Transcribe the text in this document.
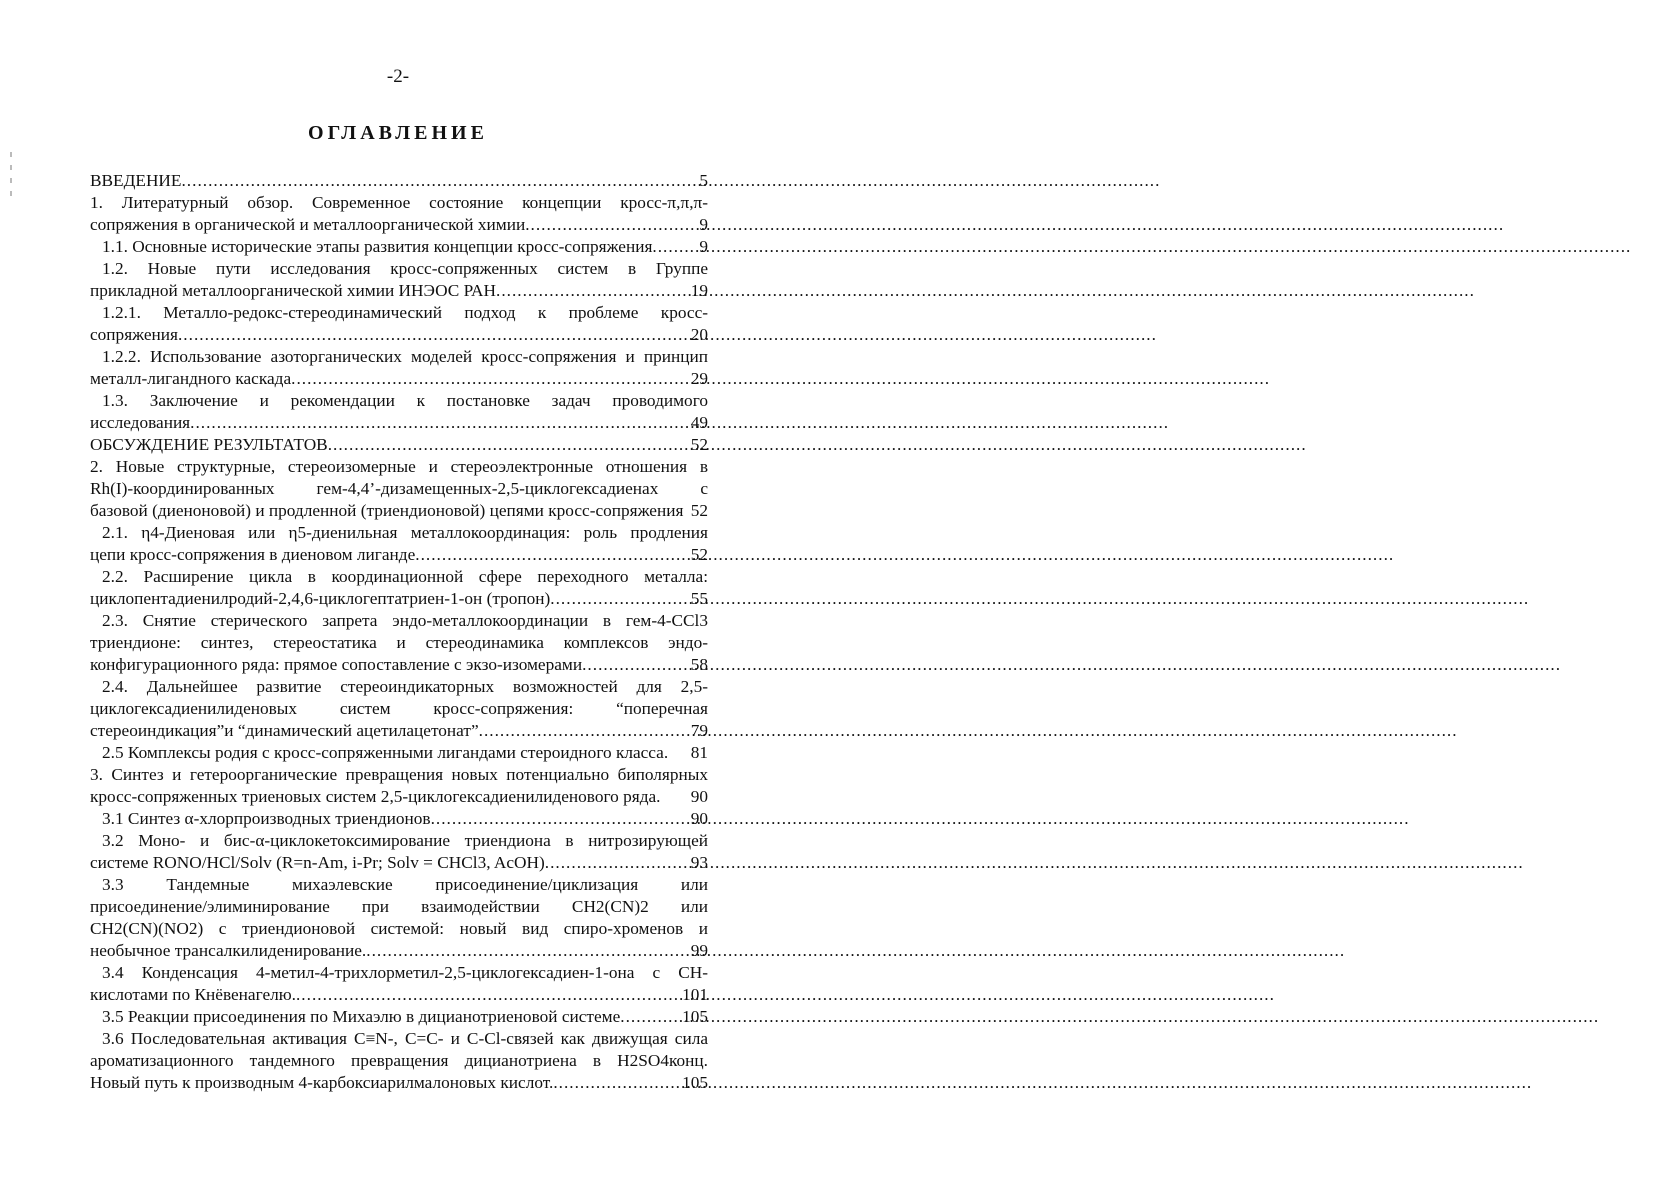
-2-
ОГЛАВЛЕНИЕ
ВВЕДЕНИЕ .....	5
1. Литературный обзор. Современное состояние концепции кросс-π,π,π-
сопряжения в органической и металлоорганической химии .....	9
1.1. Основные исторические этапы развития концепции кросс-сопряжения .....	9
1.2. Новые пути исследования кросс-сопряженных систем в Группе
прикладной металлоорганической химии ИНЭОС РАН .....	19
1.2.1. Металло-редокс-стереодинамический подход к проблеме кросс-
сопряжения .....	20
1.2.2. Использование азоторганических моделей кросс-сопряжения и принцип
металл-лигандного каскада .....	29
1.3. Заключение и рекомендации к постановке задач проводимого
исследования .....	49
ОБСУЖДЕНИЕ РЕЗУЛЬТАТОВ .....	52
2. Новые структурные, стереоизомерные и стереоэлектронные отношения в
Rh(I)-координированных гем-4,4’-дизамещенных-2,5-циклогексадиенах с
базовой (диеноновой) и продленной (триендионовой) цепями кросс-сопряжения 52
2.1. η4-Диеновая или η5-диенильная металлокоординация: роль продления
цепи кросс-сопряжения в диеновом лиганде .....	52
2.2. Расширение цикла в координационной сфере переходного металла:
циклопентадиенилродий-2,4,6-циклогептатриен-1-он (тропон) .....	55
2.3. Снятие стерического запрета эндо-металлокоординации в гем-4-CCl3
триендионе: синтез, стереостатика и стереодинамика комплексов эндо-
конфигурационного ряда: прямое сопоставление с экзо-изомерами .....	58
2.4. Дальнейшее развитие стереоиндикаторных возможностей для 2,5-
циклогексадиенилиденовых систем кросс-сопряжения: “поперечная
стереоиндикация”и “динамический ацетилацетонат” .....	79
2.5 Комплексы родия с кросс-сопряженными лигандами стероидного класса. 81
3. Синтез и гетероорганические превращения новых потенциально биполярных
кросс-сопряженных триеновых систем 2,5-циклогексадиенилиденового ряда. 90
3.1 Синтез α-хлорпроизводных триендионов .....	90
3.2 Моно- и бис-α-циклокетоксимирование триендиона в нитрозирующей
системе RONO/HCl/Solv (R=n-Am, i-Pr; Solv = CHCl3, AcOH) .....	93
3.3 Тандемные михаэлевские присоединение/циклизация или
присоединение/элиминирование при взаимодействии CH2(CN)2 или
CH2(CN)(NO2) с триендионовой системой: новый вид спиро-хроменов и
необычное трансалкилиденирование. .....	99
3.4 Конденсация 4-метил-4-трихлорметил-2,5-циклогексадиен-1-она с CH-
кислотами по Кнёвенагелю. .....	101
3.5 Реакции присоединения по Михаэлю в дицианотриеновой системе .....	105
3.6 Последовательная активация C≡N-, C=C- и C-Cl-связей как движущая сила
ароматизационного тандемного превращения дицианотриена в H2SO4конц.
Новый путь к производным 4-карбоксиарилмалоновых кислот. .....	105
